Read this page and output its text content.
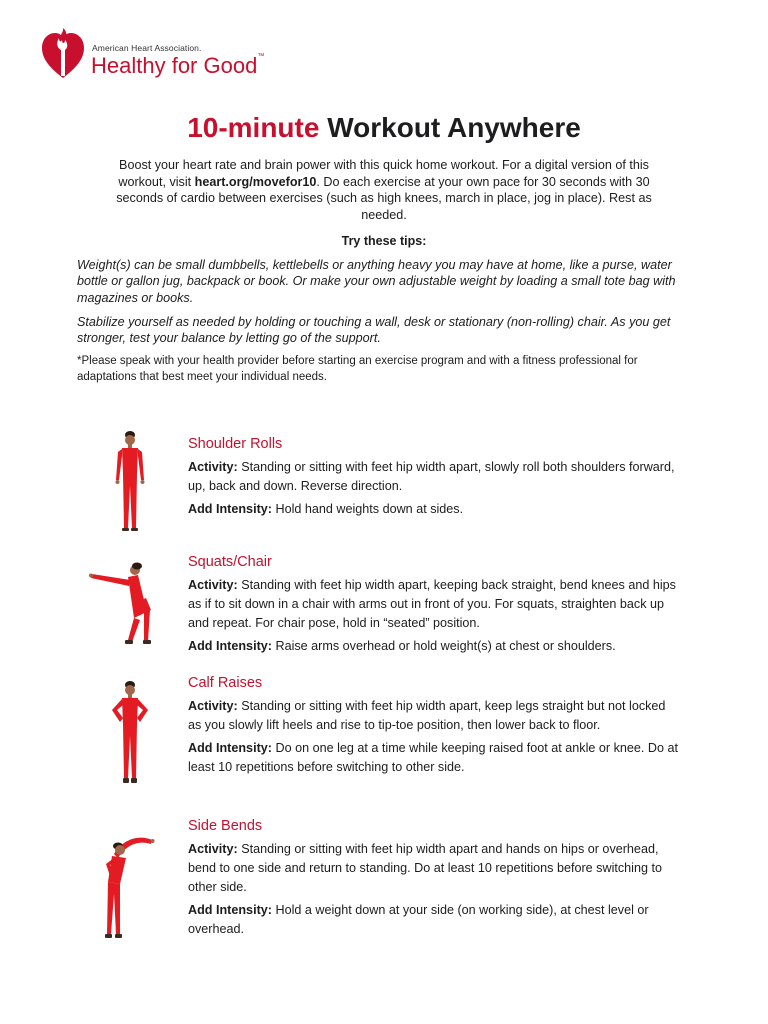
American Heart Association.
Healthy for Good™
10-minute Workout Anywhere

Boost your heart rate and brain power with this quick home workout. For a digital version of this workout, visit heart.org/movefor10. Do each exercise at your own pace for 30 seconds with 30 seconds of cardio between exercises (such as high knees, march in place, jog in place). Rest as needed.

Try these tips:

Weight(s) can be small dumbbells, kettlebells or anything heavy you may have at home, like a purse, water bottle or gallon jug, backpack or book. Or make your own adjustable weight by loading a small tote bag with magazines or books.

Stabilize yourself as needed by holding or touching a wall, desk or stationary (non-rolling) chair. As you get stronger, test your balance by letting go of the support.

*Please speak with your health provider before starting an exercise program and with a fitness professional for adaptations that best meet your individual needs.

Shoulder Rolls

Activity: Standing or sitting with feet hip width apart, slowly roll both shoulders forward, up, back and down. Reverse direction.

Add Intensity: Hold hand weights down at sides.

Squats/Chair

Activity: Standing with feet hip width apart, keeping back straight, bend knees and hips as if to sit down in a chair with arms out in front of you. For squats, straighten back up and repeat. For chair pose, hold in “seated” position.

Add Intensity: Raise arms overhead or hold weight(s) at chest or shoulders.

Calf Raises

Activity: Standing or sitting with feet hip width apart, keep legs straight but not locked as you slowly lift heels and rise to tip-toe position, then lower back to floor.

Add Intensity: Do on one leg at a time while keeping raised foot at ankle or knee. Do at least 10 repetitions before switching to other side.

Side Bends

Activity: Standing or sitting with feet hip width apart and hands on hips or overhead, bend to one side and return to standing. Do at least 10 repetitions before switching to other side.

Add Intensity: Hold a weight down at your side (on working side), at chest level or overhead.
